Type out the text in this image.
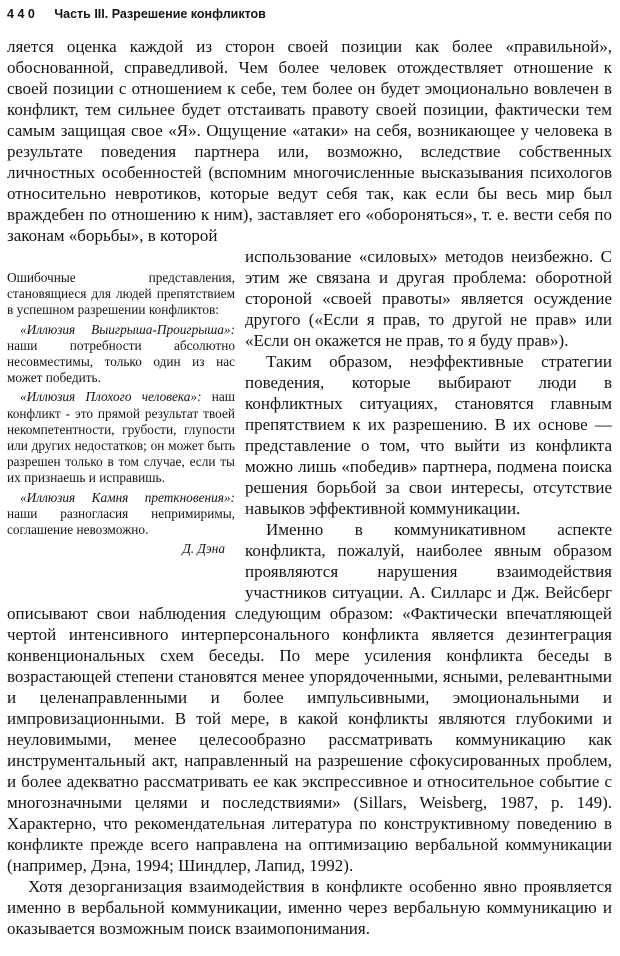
440 Часть III. Разрешение конфликтов

ляется оценка каждой из сторон своей позиции как более «правильной», обоснованной, справедливой. Чем более человек отождествляет отношение к своей позиции с отношением к себе, тем более он будет эмоционально вовлечен в конфликт, тем сильнее будет отстаивать правоту своей позиции, фактически тем самым защищая свое «Я». Ощущение «атаки» на себя, возникающее у человека в результате поведения партнера или, возможно, вследствие собственных личностных особенностей (вспомним многочисленные высказывания психологов относительно невротиков, которые ведут себя так, как если бы весь мир был враждебен по отношению к ним), заставляет его «обороняться», т. е. вести себя по законам «борьбы», в которой

Ошибочные представления, становящиеся для людей препятствием в успешном разрешении конфликтов:

«Иллюзия Выигрыша-Проигрыша»: наши потребности абсолютно несовместимы, только один из нас может победить.

«Иллюзия Плохого человека»: наш конфликт - это прямой результат твоей некомпетентности, грубости, глупости или других недостатков; он может быть разрешен только в том случае, если ты их признаешь и исправишь.

«Иллюзия Камня преткновения»: наши разногласия непримиримы, соглашение невозможно.

Д. Дэна

использование «силовых» методов неизбежно. С этим же связана и другая проблема: оборотной стороной «своей правоты» является осуждение другого («Если я прав, то другой не прав» или «Если он окажется не прав, то я буду прав»).

Таким образом, неэффективные стратегии поведения, которые выбирают люди в конфликтных ситуациях, становятся главным препятствием к их разрешению. В их основе — представление о том, что выйти из конфликта можно лишь «победив» партнера, подмена поиска решения борьбой за свои интересы, отсутствие навыков эффективной коммуникации.

Именно в коммуникативном аспекте конфликта, пожалуй, наиболее явным образом проявляются нарушения взаимодействия участников ситуации. А. Силларс и Дж. Вейсберг описывают свои наблюдения следующим образом: «Фактически впечатляющей чертой интенсивного интерперсонального конфликта является дезинтеграция конвенциональных схем беседы. По мере усиления конфликта беседы в возрастающей степени становятся менее упорядоченными, ясными, релевантными и целенаправленными и более импульсивными, эмоциональными и импровизационными. В той мере, в какой конфликты являются глубокими и неуловимыми, менее целесообразно рассматривать коммуникацию как инструментальный акт, направленный на разрешение сфокусированных проблем, и более адекватно рассматривать ее как экспрессивное и относительное событие с многозначными целями и последствиями» (Sillars, Weisberg, 1987, p. 149). Характерно, что рекомендательная литература по конструктивному поведению в конфликте прежде всего направлена на оптимизацию вербальной коммуникации (например, Дэна, 1994; Шиндлер, Лапид, 1992).

Хотя дезорганизация взаимодействия в конфликте особенно явно проявляется именно в вербальной коммуникации, именно через вербальную коммуникацию и оказывается возможным поиск взаимопонимания.
